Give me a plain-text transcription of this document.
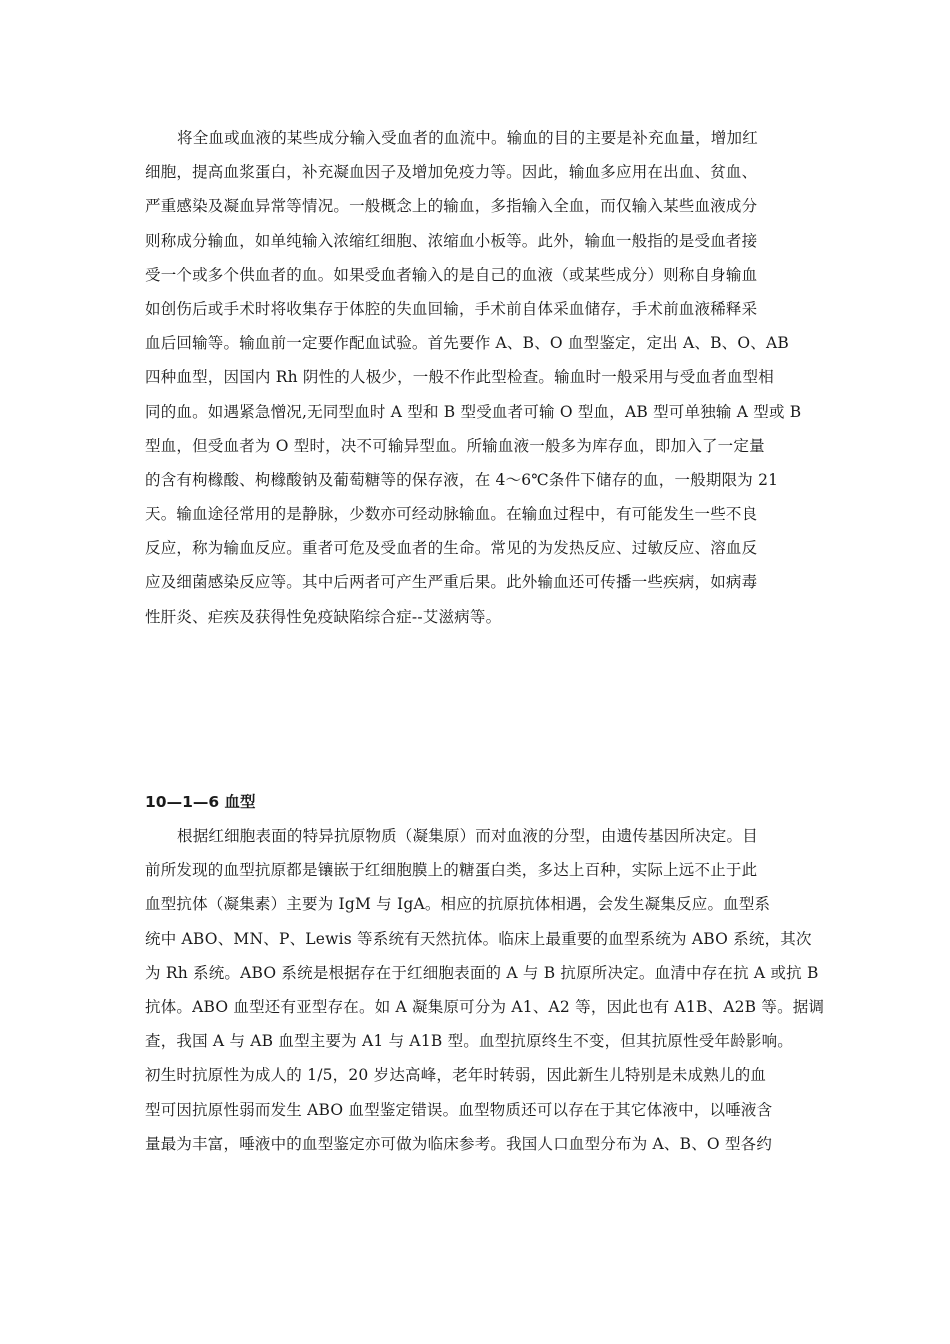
将全血或血液的某些成分输入受血者的血流中。输血的目的主要是补充血量，增加红
细胞，提高血浆蛋白，补充凝血因子及增加免疫力等。因此，输血多应用在出血、贫血、
严重感染及凝血异常等情况。一般概念上的输血，多指输入全血，而仅输入某些血液成分
则称成分输血，如单纯输入浓缩红细胞、浓缩血小板等。此外，输血一般指的是受血者接
受一个或多个供血者的血。如果受血者输入的是自己的血液（或某些成分）则称自身输血
如创伤后或手术时将收集存于体腔的失血回输，手术前自体采血储存，手术前血液稀释采
血后回输等。输血前一定要作配血试验。首先要作 A、B、O 血型鉴定，定出 A、B、O、AB
四种血型，因国内 Rh 阴性的人极少，一般不作此型检查。输血时一般采用与受血者血型相
同的血。如遇紧急憎况,无同型血时 A 型和 B 型受血者可输 O 型血，AB 型可单独输 A 型或 B
型血，但受血者为 O 型时，决不可输异型血。所输血液一般多为库存血，即加入了一定量
的含有枸橼酸、枸橼酸钠及葡萄糖等的保存液，在 4～6℃条件下储存的血，一般期限为 21
天。输血途径常用的是静脉，少数亦可经动脉输血。在输血过程中，有可能发生一些不良
反应，称为输血反应。重者可危及受血者的生命。常见的为发热反应、过敏反应、溶血反
应及细菌感染反应等。其中后两者可产生严重后果。此外输血还可传播一些疾病，如病毒
性肝炎、疟疾及获得性免疫缺陷综合症--艾滋病等。
10—1—6 血型
根据红细胞表面的特异抗原物质（凝集原）而对血液的分型，由遗传基因所决定。目
前所发现的血型抗原都是镶嵌于红细胞膜上的糖蛋白类，多达上百种，实际上远不止于此
血型抗体（凝集素）主要为 IgM 与 IgA。相应的抗原抗体相遇，会发生凝集反应。血型系
统中 ABO、MN、P、Lewis 等系统有天然抗体。临床上最重要的血型系统为 ABO 系统，其次
为 Rh 系统。ABO 系统是根据存在于红细胞表面的 A 与 B 抗原所决定。血清中存在抗 A 或抗 B
抗体。ABO 血型还有亚型存在。如 A 凝集原可分为 A1、A2 等，因此也有 A1B、A2B 等。据调
查，我国 A 与 AB 血型主要为 A1 与 A1B 型。血型抗原终生不变，但其抗原性受年龄影响。
初生时抗原性为成人的 1/5，20 岁达高峰，老年时转弱，因此新生儿特别是未成熟儿的血
型可因抗原性弱而发生 ABO 血型鉴定错误。血型物质还可以存在于其它体液中，以唾液含
量最为丰富，唾液中的血型鉴定亦可做为临床参考。我国人口血型分布为 A、B、O 型各约
